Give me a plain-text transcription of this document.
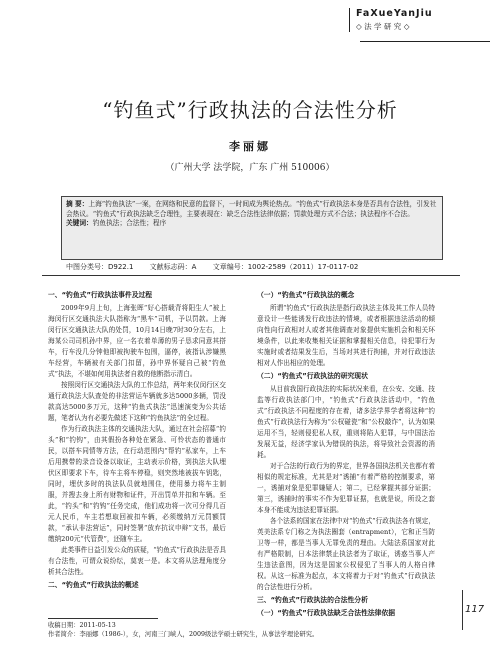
FaXueYanJiu
◇ 法 学 研 究 ◇
“钓鱼式”行政执法的合法性分析
李丽娜
（广州大学 法学院，广东 广州 510006）
摘 要：上海“钓鱼执法”一案，在网络和民意的监督下，一时间成为舆论热点。“钓鱼式”行政执法本身是否具有合法性，引发社会热议。“钓鱼式”行政执法缺乏合理性，主要表现在：缺乏合法性法律依据；罚款处理方式不合法；执法程序不合法。
关键词：钓鱼执法；合法性；程序
中图分类号：D922.1 文献标志码：A 文章编号：1002-2589（2011）17-0117-02
一、“钓鱼式”行政执法事件及过程

2009年9月上旬，上海张晖“好心搭载背将阳生人”被上海闵行区交通执法大队指称为“黑车”司机，予以罚款。上海闵行区交通执法大队的处罚，10月14日晚7时30分左右，上海某公司司机孙中界，应一名衣着单薄的男子恳求同意其搭车，行车没几分钟他即被拘驶车包围，逼停，被指认涉嫌黑车经营，车辆被有关部门扣留，孙中界怀疑自己被“钓鱼式”执法，不堪如何用执法者自救的他断指示清白。

按照闵行区交通执法大队的工作总结，两年来仅闵行区交通行政执法大队查处的非法营运车辆就多达5000多辆，罚没款高达5000多万元，这种“钓鱼式执法”迅速演变为公共话题，笔者认为有必要先做述下这种“钓鱼执法”的全过程。

作为行政执法主体的交通执法大队，通过在社会招募“钓头”和“钓钩”，由其假扮各种处在紧急、可怜状态的普通市民，以搭车同情等方法，在行动范围内“帮钓”私家车，上车后用携带的录音设备以取证，主动表示价格，到执法大队埋伏区即要求下车，待车主将车停稳，则突然地被拔车钥匙，同时，埋伏多时的执法队员就地围住，使用暴力将车主制服，并搜去身上所有财物和证件，开出罚单并扣和车辆。至此，“钓头”和“钓钩”任务完成，他们成功将一次可分得几百元人民币，车主若想取回被扣车辆，必须缴纳万元罚额罚款，“承认非法营运”，同时签署“放弃抗议申辩”文书，最后缴纳200元“代管费”，还随车主。

此类事件日益引发公众的质疑，“钓鱼式”行政执法是否具有合法性，可谓众说纷纭，莫衷一是。本文将从法理角度分析其合法性。

二、“钓鱼式”行政执法的概述
（一）“钓鱼式”行政执法的概念

所谓“钓鱼式”行政执法是指行政执法主体及其工作人员特意设计一些能诱发行政违法的情境，或者根据违法活动的倾向性向行政相对人或者其他调查对象提供实施机会和相关环境条件，以此来收集相关证据和掌握相关信息，待犯罪行为实施时或者结果发生后，当场对其进行拘捕，并对行政违法相对人作出相应的处理。

（二）“钓鱼式”行政执法的研究现状

从目前我国行政执法的实际状况来看，在公安、交通、技监等行政执法部门中，“钓鱼式”行政执法活动中，“钓鱼式”行政执法不同程度的存在着，诸多法学界学者将这种“钓鱼式”行政执法行为称为“公权碰瓷”和“公权敲诈”，认为如果运用不当，轻则侵犯私人权，重则将陷人犯罪，与中国法治发展无益，经济学家认为错误的执法，将导致社会资源的消耗。

对于合法的行政行为的界定，世界各国执法机关也都有着相似的规定标准，尤其是对“诱捕”有着严格的控制要求，第一，诱捕对象是犯罪嫌疑人；第二，已经掌握其部分证据；第三，诱捕时的事实不作为犯罪证据，也就是说，所设之套本身不能成为违法犯罪证据。

各个法系的国家在法律中对“钓鱼式”行政执法各有规定，英美法系专门称之为执法圈套（entrapment），它和正当防卫等一样，都是当事人无罪免责的理由。大陆法系国家对此有严格限制，日本法律禁止执法者为了取证，诱惑当事人产生违法意图，因为这是国家公权侵犯了当事人的人格自律权。从这一标准为起点，本文将着力于对“钓鱼式”行政执法的合法性进行分析。

三、“钓鱼式”行政执法的合法性分析
（一）“钓鱼式”行政执法缺乏合法性法律依据	117
收稿日期：2011-05-13
作者简介：李丽娜（1986-），女，河南三门峡人，2009级法学硕士研究生，从事法学理论研究。
